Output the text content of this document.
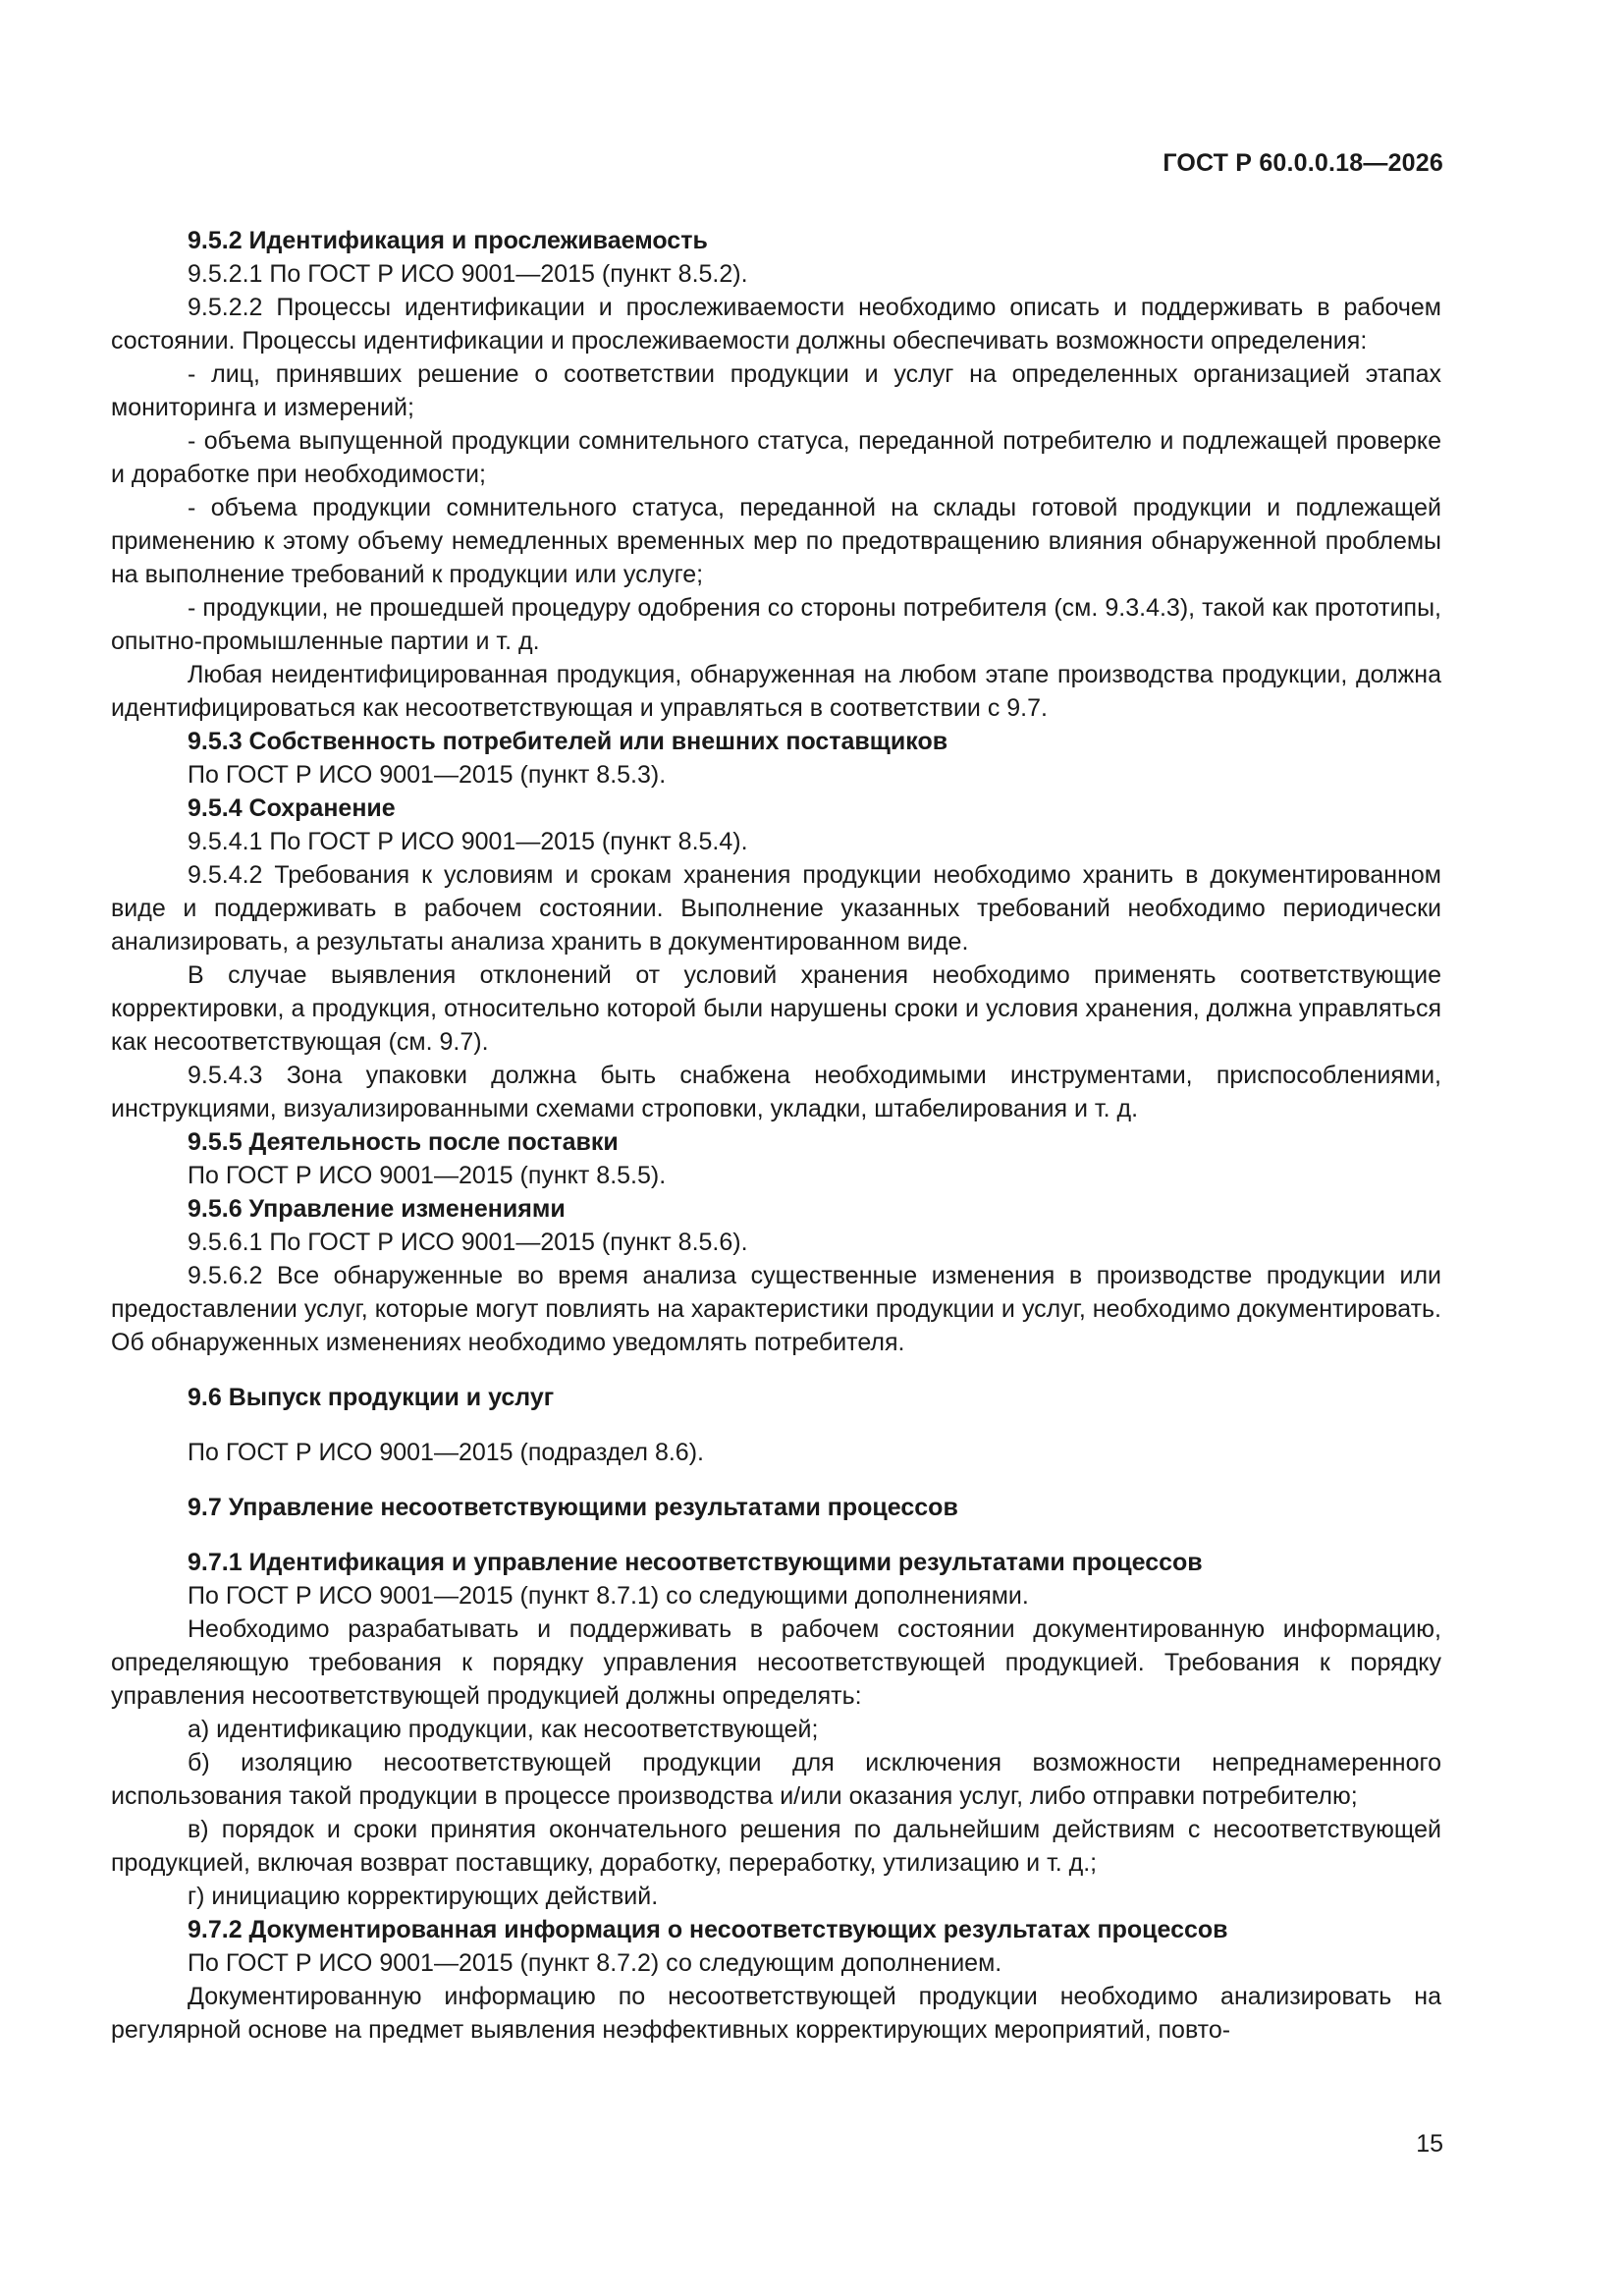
ГОСТ Р 60.0.0.18—2026

9.5.2 Идентификация и прослеживаемость

9.5.2.1 По ГОСТ Р ИСО 9001—2015 (пункт 8.5.2).

9.5.2.2 Процессы идентификации и прослеживаемости необходимо описать и поддерживать в рабочем состоянии. Процессы идентификации и прослеживаемости должны обеспечивать возможности определения:

- лиц, принявших решение о соответствии продукции и услуг на определенных организацией этапах мониторинга и измерений;

- объема выпущенной продукции сомнительного статуса, переданной потребителю и подлежащей проверке и доработке при необходимости;

- объема продукции сомнительного статуса, переданной на склады готовой продукции и подлежащей применению к этому объему немедленных временных мер по предотвращению влияния обнаруженной проблемы на выполнение требований к продукции или услуге;

- продукции, не прошедшей процедуру одобрения со стороны потребителя (см. 9.3.4.3), такой как прототипы, опытно-промышленные партии и т. д.

Любая неидентифицированная продукция, обнаруженная на любом этапе производства продукции, должна идентифицироваться как несоответствующая и управляться в соответствии с 9.7.

9.5.3 Собственность потребителей или внешних поставщиков

По ГОСТ Р ИСО 9001—2015 (пункт 8.5.3).

9.5.4 Сохранение

9.5.4.1 По ГОСТ Р ИСО 9001—2015 (пункт 8.5.4).

9.5.4.2 Требования к условиям и срокам хранения продукции необходимо хранить в документированном виде и поддерживать в рабочем состоянии. Выполнение указанных требований необходимо периодически анализировать, а результаты анализа хранить в документированном виде.

В случае выявления отклонений от условий хранения необходимо применять соответствующие корректировки, а продукция, относительно которой были нарушены сроки и условия хранения, должна управляться как несоответствующая (см. 9.7).

9.5.4.3 Зона упаковки должна быть снабжена необходимыми инструментами, приспособлениями, инструкциями, визуализированными схемами строповки, укладки, штабелирования и т. д.

9.5.5 Деятельность после поставки

По ГОСТ Р ИСО 9001—2015 (пункт 8.5.5).

9.5.6 Управление изменениями

9.5.6.1 По ГОСТ Р ИСО 9001—2015 (пункт 8.5.6).

9.5.6.2 Все обнаруженные во время анализа существенные изменения в производстве продукции или предоставлении услуг, которые могут повлиять на характеристики продукции и услуг, необходимо документировать. Об обнаруженных изменениях необходимо уведомлять потребителя.

9.6 Выпуск продукции и услуг

По ГОСТ Р ИСО 9001—2015 (подраздел 8.6).

9.7 Управление несоответствующими результатами процессов

9.7.1 Идентификация и управление несоответствующими результатами процессов

По ГОСТ Р ИСО 9001—2015 (пункт 8.7.1) со следующими дополнениями.

Необходимо разрабатывать и поддерживать в рабочем состоянии документированную информацию, определяющую требования к порядку управления несоответствующей продукцией. Требования к порядку управления несоответствующей продукцией должны определять:

а) идентификацию продукции, как несоответствующей;

б) изоляцию несоответствующей продукции для исключения возможности непреднамеренного использования такой продукции в процессе производства и/или оказания услуг, либо отправки потребителю;

в) порядок и сроки принятия окончательного решения по дальнейшим действиям с несоответствующей продукцией, включая возврат поставщику, доработку, переработку, утилизацию и т. д.;

г) инициацию корректирующих действий.

9.7.2 Документированная информация о несоответствующих результатах процессов

По ГОСТ Р ИСО 9001—2015 (пункт 8.7.2) со следующим дополнением.

Документированную информацию по несоответствующей продукции необходимо анализировать на регулярной основе на предмет выявления неэффективных корректирующих мероприятий, повто-

15
